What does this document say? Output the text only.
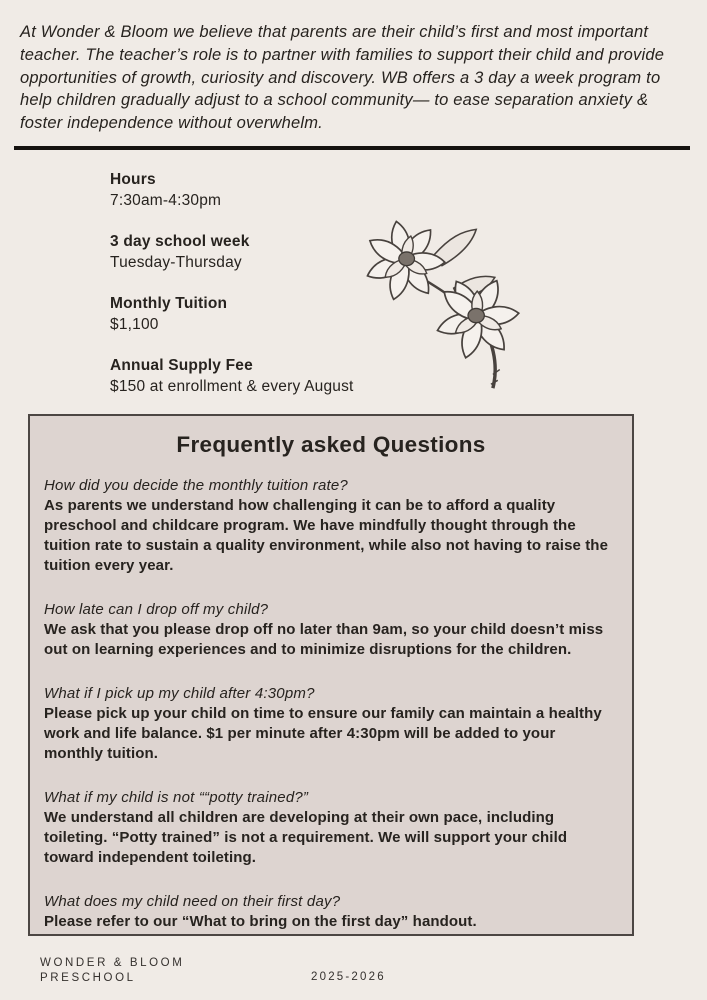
At Wonder & Bloom we believe that parents are their child’s first and most important teacher. The teacher’s role is to partner with families to support their child and provide opportunities of growth, curiosity and discovery. WB offers a 3 day a week program to help children gradually adjust to a school community— to ease separation anxiety & foster independence without overwhelm.

Hours
7:30am-4:30pm
3 day school week
Tuesday-Thursday
Monthly Tuition
$1,100
Annual Supply Fee
$150 at enrollment & every August
Frequently asked Questions

How did you decide the monthly tuition rate?

As parents we understand how challenging it can be to afford a quality preschool and childcare program. We have mindfully thought through the tuition rate to sustain a quality environment, while also not having to raise the tuition every year.

How late can I drop off my child?

We ask that you please drop off no later than 9am, so your child doesn’t miss out on learning experiences and to minimize disruptions for the children.

What if I pick up my child after 4:30pm?

Please pick up your child on time to ensure our family can maintain a healthy work and life balance. $1 per minute after 4:30pm will be added to your monthly tuition.

What if my child is not ““potty trained?”

We understand all children are developing at their own pace, including toileting. “Potty trained” is not a requirement. We will support your child toward independent toileting.

What does my child need on their first day?

Please refer to our “What to bring on the first day” handout.

WONDER & BLOOM
PRESCHOOL	2025-2026
